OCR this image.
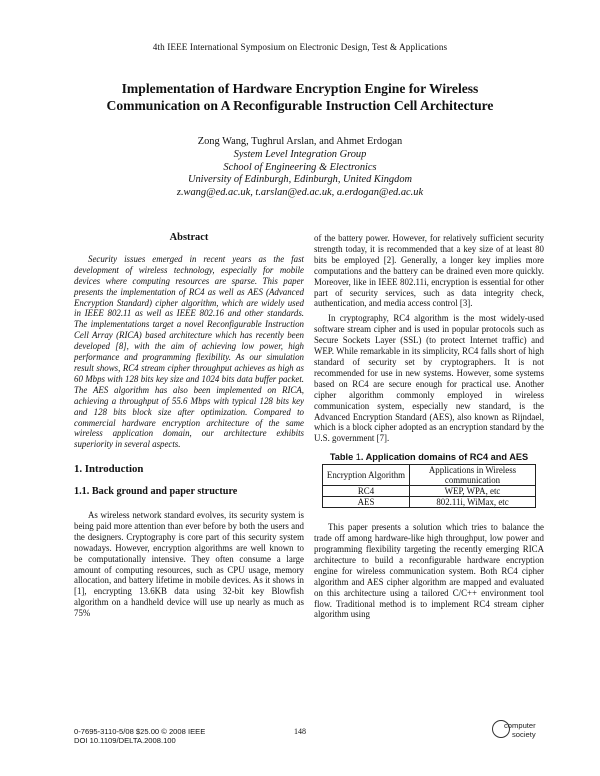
4th IEEE International Symposium on Electronic Design, Test & Applications
Implementation of Hardware Encryption Engine for Wireless
Communication on A Reconfigurable Instruction Cell Architecture
Zong Wang, Tughrul Arslan, and Ahmet Erdogan
System Level Integration Group
School of Engineering & Electronics
University of Edinburgh, Edinburgh, United Kingdom
z.wang@ed.ac.uk, t.arslan@ed.ac.uk, a.erdogan@ed.ac.uk
Abstract

Security issues emerged in recent years as the fast development of wireless technology, especially for mobile devices where computing resources are sparse. This paper presents the implementation of RC4 as well as AES (Advanced Encryption Standard) cipher algorithm, which are widely used in IEEE 802.11 as well as IEEE 802.16 and other standards. The implementations target a novel Reconfigurable Instruction Cell Array (RICA) based architecture which has recently been developed [8], with the aim of achieving low power, high performance and programming flexibility. As our simulation result shows, RC4 stream cipher throughput achieves as high as 60 Mbps with 128 bits key size and 1024 bits data buffer packet. The AES algorithm has also been implemented on RICA, achieving a throughput of 55.6 Mbps with typical 128 bits key and 128 bits block size after optimization. Compared to commercial hardware encryption architecture of the same wireless application domain, our architecture exhibits superiority in several aspects.

1. Introduction
1.1. Back ground and paper structure

As wireless network standard evolves, its security system is being paid more attention than ever before by both the users and the designers. Cryptography is core part of this security system nowadays. However, encryption algorithms are well known to be computationally intensive. They often consume a large amount of computing resources, such as CPU usage, memory allocation, and battery lifetime in mobile devices. As it shows in [1], encrypting 13.6KB data using 32-bit key Blowfish algorithm on a handheld device will use up nearly as much as 75%

of the battery power. However, for relatively sufficient security strength today, it is recommended that a key size of at least 80 bits be employed [2]. Generally, a longer key implies more computations and the battery can be drained even more quickly. Moreover, like in IEEE 802.11i, encryption is essential for other part of security services, such as data integrity check, authentication, and media access control [3].

In cryptography, RC4 algorithm is the most widely-used software stream cipher and is used in popular protocols such as Secure Sockets Layer (SSL) (to protect Internet traffic) and WEP. While remarkable in its simplicity, RC4 falls short of high standard of security set by cryptographers. It is not recommended for use in new systems. However, some systems based on RC4 are secure enough for practical use. Another cipher algorithm commonly employed in wireless communication system, especially new standard, is the Advanced Encryption Standard (AES), also known as Rijndael, which is a block cipher adopted as an encryption standard by the U.S. government [7].

Table 1. Application domains of RC4 and AES
Encryption Algorithm	Applications in Wireless communication
RC4	WEP, WPA, etc
AES	802.11i, WiMax, etc

This paper presents a solution which tries to balance the trade off among hardware-like high throughput, low power and programming flexibility targeting the recently emerging RICA architecture to build a reconfigurable hardware encryption engine for wireless communication system. Both RC4 cipher algorithm and AES cipher algorithm are mapped and evaluated on this architecture using a tailored C/C++ environment tool flow. Traditional method is to implement RC4 stream cipher algorithm using

0-7695-3110-5/08 $25.00 © 2008 IEEE
DOI 10.1109/DELTA.2008.100
148
computer
society
